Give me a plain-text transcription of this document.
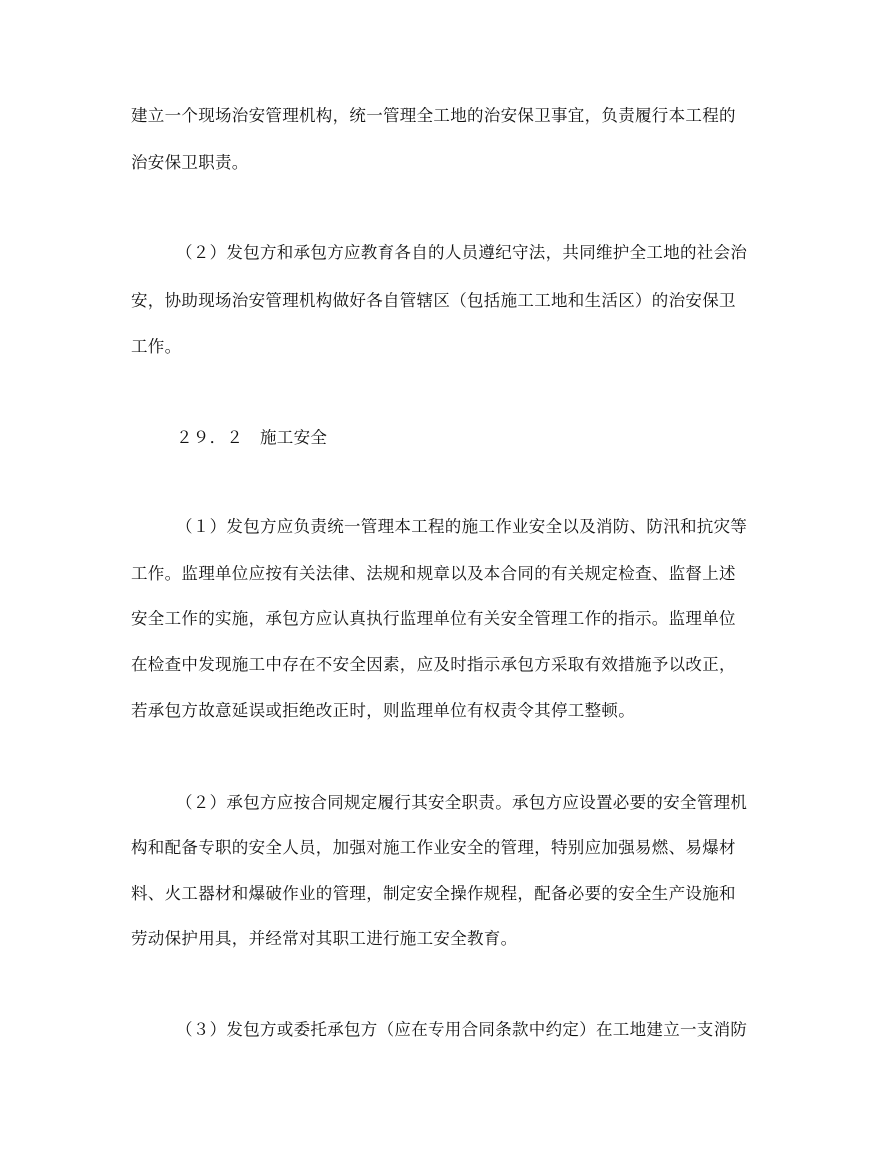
建立一个现场治安管理机构，统一管理全工地的治安保卫事宜，负责履行本工程的
治安保卫职责。
（２）发包方和承包方应教育各自的人员遵纪守法，共同维护全工地的社会治
安，协助现场治安管理机构做好各自管辖区（包括施工工地和生活区）的治安保卫
工作。
２９．２　施工安全
（１）发包方应负责统一管理本工程的施工作业安全以及消防、防汛和抗灾等
工作。监理单位应按有关法律、法规和规章以及本合同的有关规定检查、监督上述
安全工作的实施，承包方应认真执行监理单位有关安全管理工作的指示。监理单位
在检查中发现施工中存在不安全因素，应及时指示承包方采取有效措施予以改正，
若承包方故意延误或拒绝改正时，则监理单位有权责令其停工整顿。
（２）承包方应按合同规定履行其安全职责。承包方应设置必要的安全管理机
构和配备专职的安全人员，加强对施工作业安全的管理，特别应加强易燃、易爆材
料、火工器材和爆破作业的管理，制定安全操作规程，配备必要的安全生产设施和
劳动保护用具，并经常对其职工进行施工安全教育。
（３）发包方或委托承包方（应在专用合同条款中约定）在工地建立一支消防
